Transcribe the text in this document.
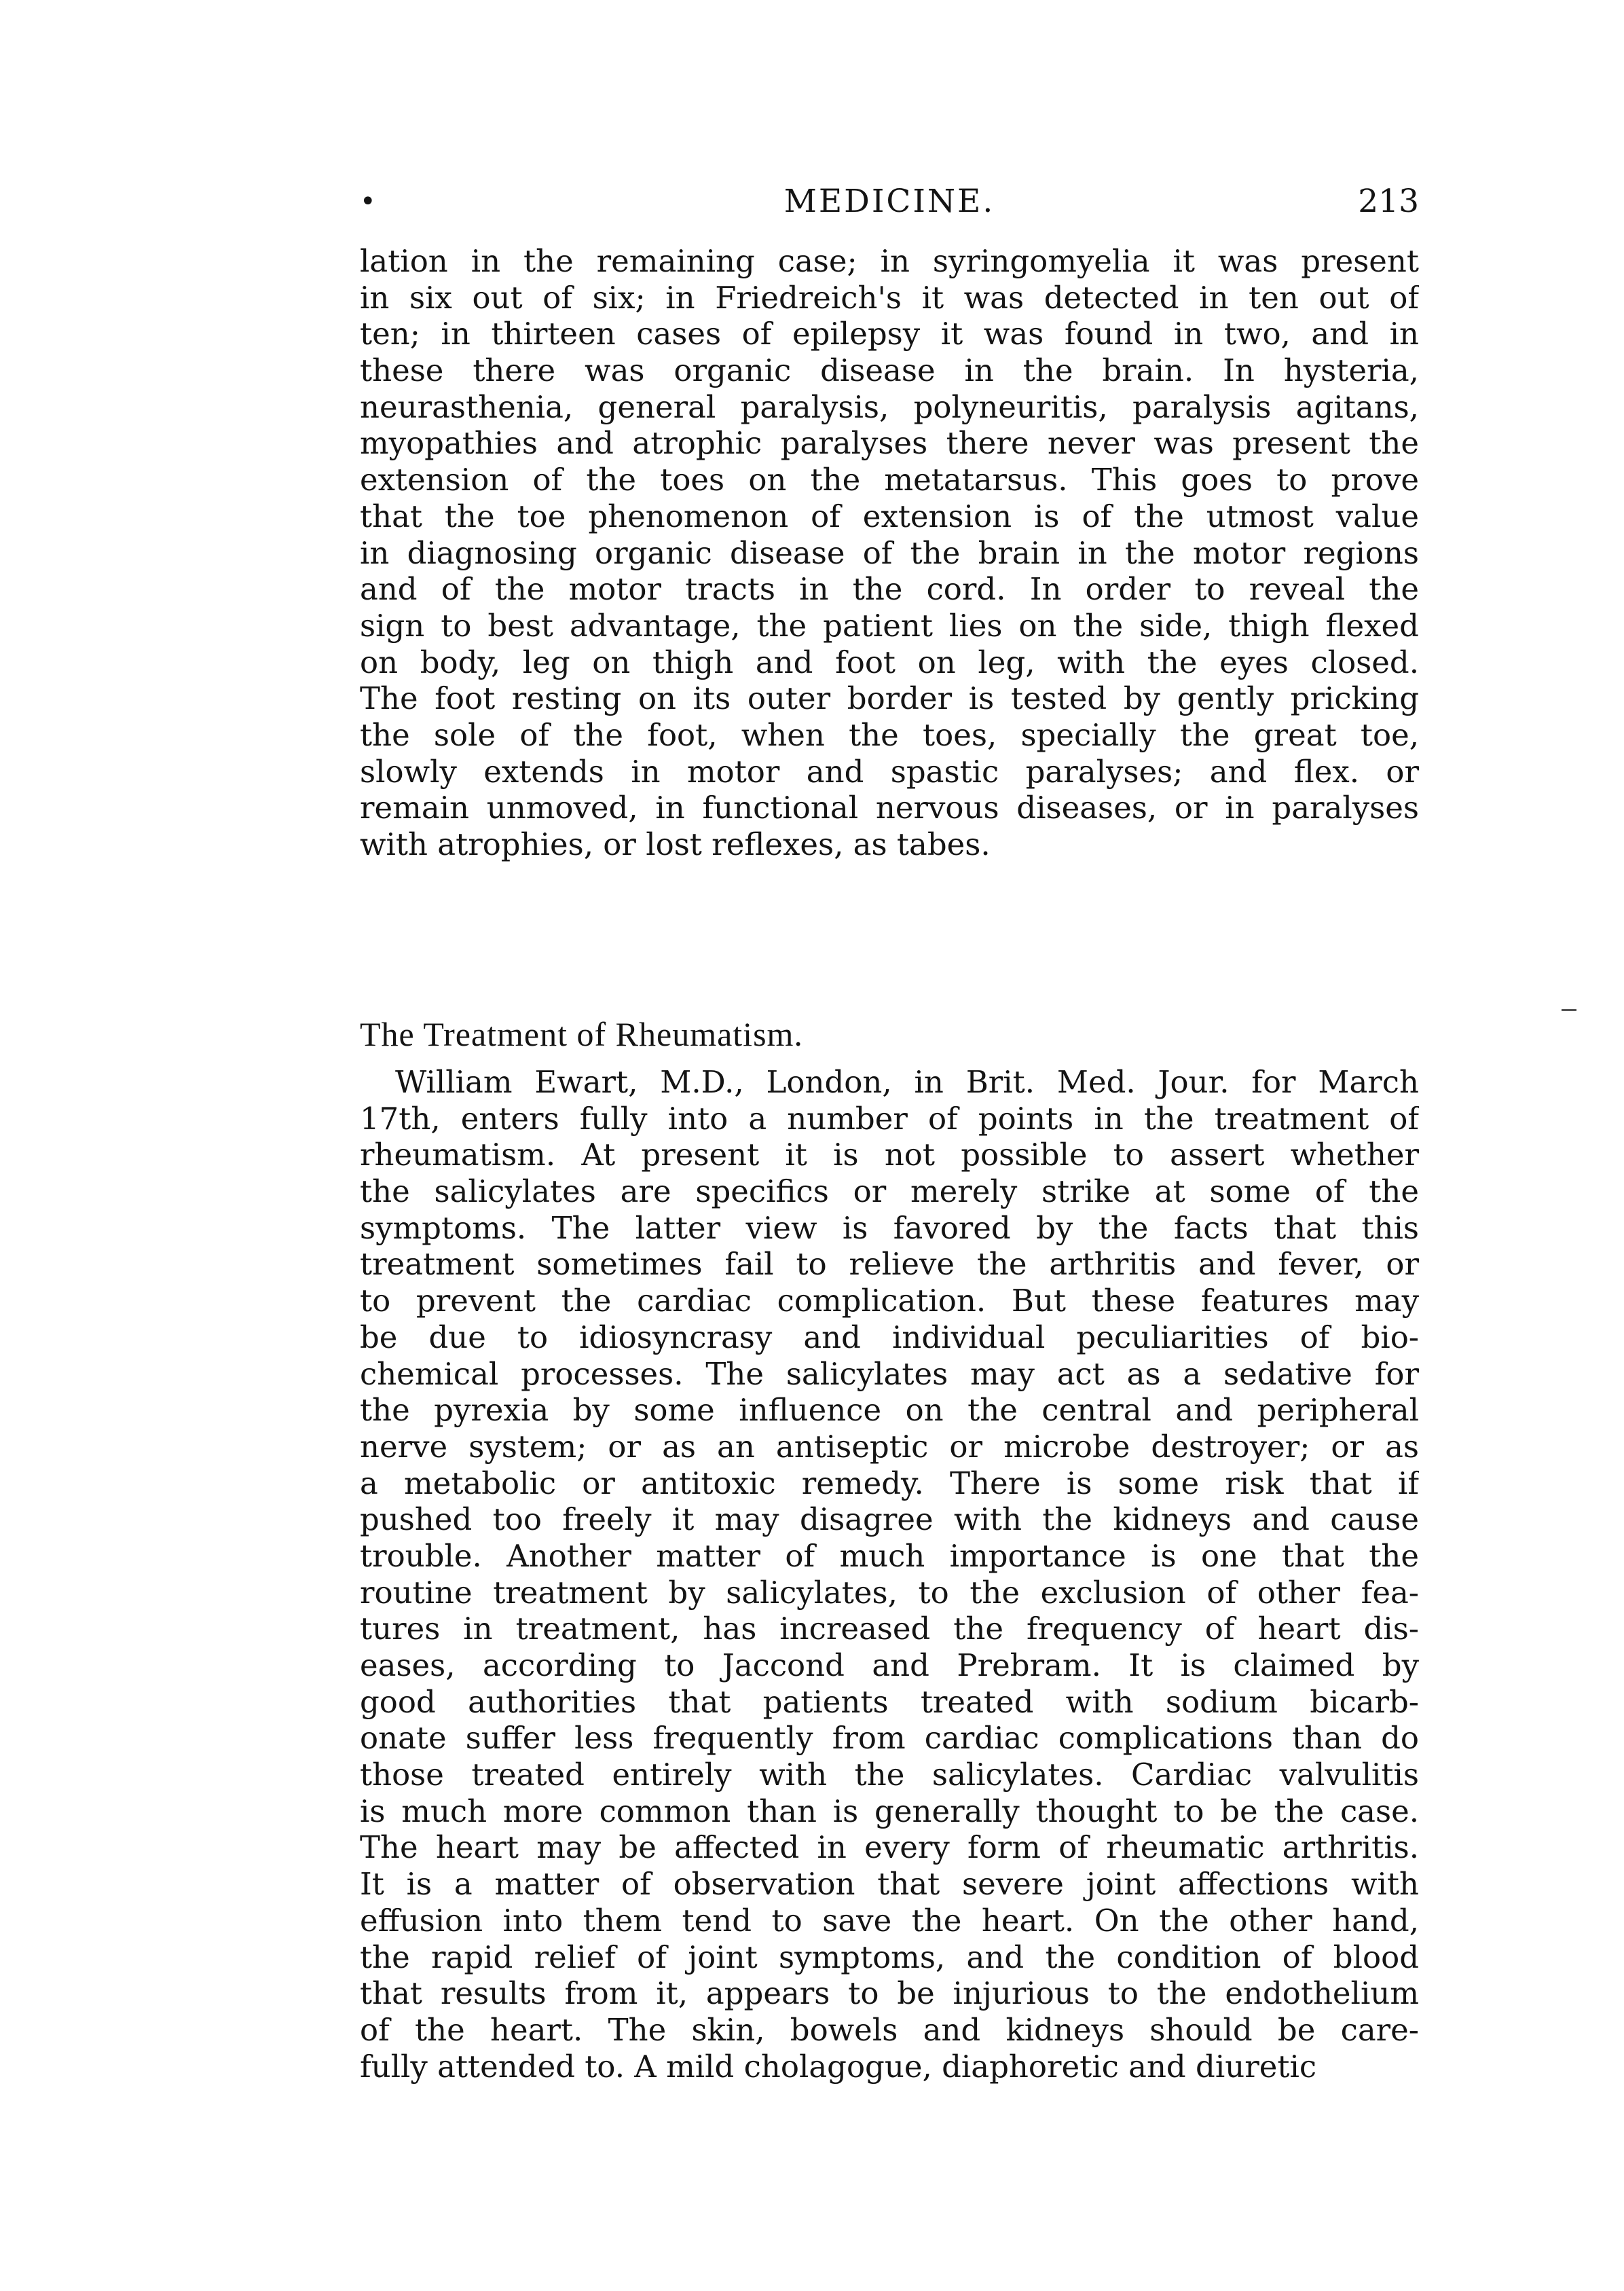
•	MEDICINE.	213
lation in the remaining case; in syringomyelia it was present
in six out of six; in Friedreich's it was detected in ten out of
ten; in thirteen cases of epilepsy it was found in two, and in
these there was organic disease in the brain. In hysteria,
neurasthenia, general paralysis, polyneuritis, paralysis agitans,
myopathies and atrophic paralyses there never was present the
extension of the toes on the metatarsus. This goes to prove
that the toe phenomenon of extension is of the utmost value
in diagnosing organic disease of the brain in the motor regions
and of the motor tracts in the cord. In order to reveal the
sign to best advantage, the patient lies on the side, thigh flexed
on body, leg on thigh and foot on leg, with the eyes closed.
The foot resting on its outer border is tested by gently pricking
the sole of the foot, when the toes, specially the great toe,
slowly extends in motor and spastic paralyses; and flex. or
remain unmoved, in functional nervous diseases, or in paralyses
with atrophies, or lost reflexes, as tabes.
The Treatment of Rheumatism.
William Ewart, M.D., London, in Brit. Med. Jour. for March
17th, enters fully into a number of points in the treatment of
rheumatism. At present it is not possible to assert whether
the salicylates are specifics or merely strike at some of the
symptoms. The latter view is favored by the facts that this
treatment sometimes fail to relieve the arthritis and fever, or
to prevent the cardiac complication. But these features may
be due to idiosyncrasy and individual peculiarities of bio-
chemical processes. The salicylates may act as a sedative for
the pyrexia by some influence on the central and peripheral
nerve system; or as an antiseptic or microbe destroyer; or as
a metabolic or antitoxic remedy. There is some risk that if
pushed too freely it may disagree with the kidneys and cause
trouble. Another matter of much importance is one that the
routine treatment by salicylates, to the exclusion of other fea-
tures in treatment, has increased the frequency of heart dis-
eases, according to Jaccond and Prebram. It is claimed by
good authorities that patients treated with sodium bicarb-
onate suffer less frequently from cardiac complications than do
those treated entirely with the salicylates. Cardiac valvulitis
is much more common than is generally thought to be the case.
The heart may be affected in every form of rheumatic arthritis.
It is a matter of observation that severe joint affections with
effusion into them tend to save the heart. On the other hand,
the rapid relief of joint symptoms, and the condition of blood
that results from it, appears to be injurious to the endothelium
of the heart. The skin, bowels and kidneys should be care-
fully attended to. A mild cholagogue, diaphoretic and diuretic
